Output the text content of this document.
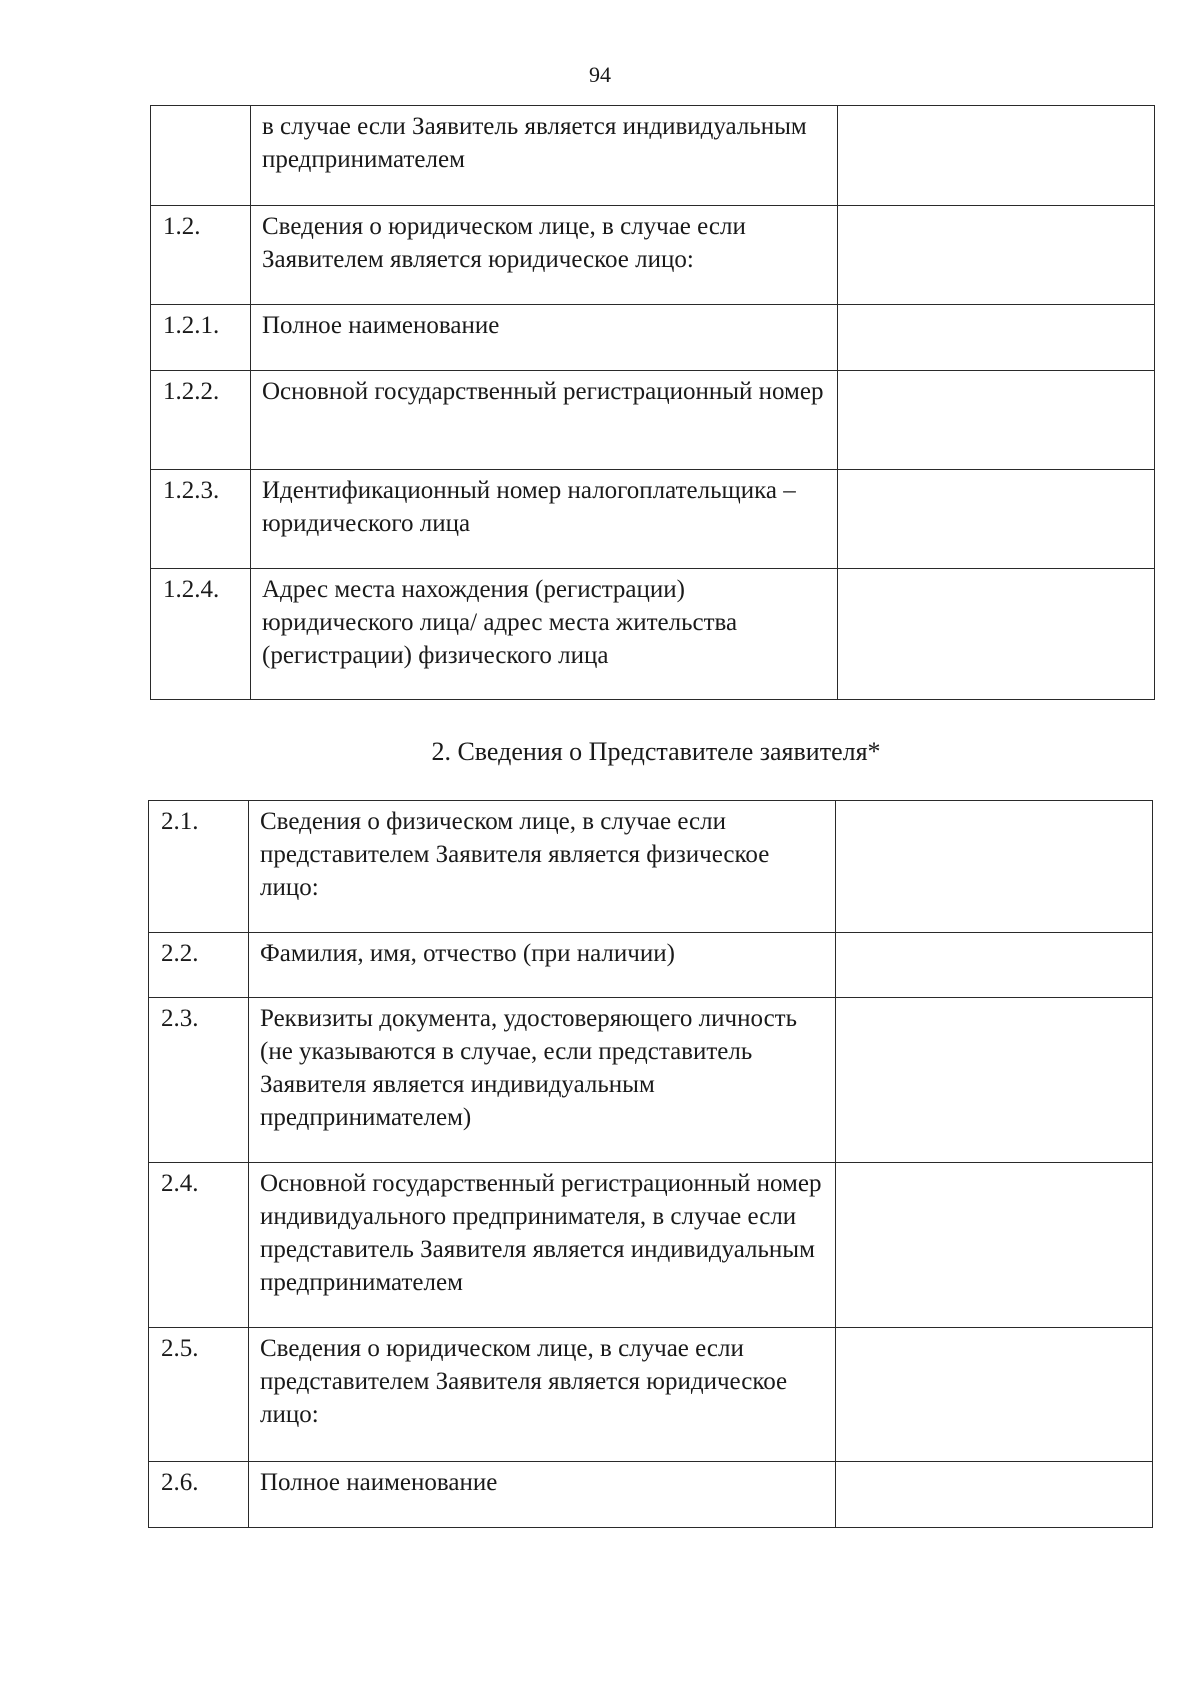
94
	в случае если Заявитель является индивидуальным предпринимателем	
1.2.	Сведения о юридическом лице, в случае если Заявителем является юридическое лицо:	
1.2.1.	Полное наименование	
1.2.2.	Основной государственный регистрационный номер	
1.2.3.	Идентификационный номер налогоплательщика – юридического лица	
1.2.4.	Адрес места нахождения (регистрации) юридического лица/ адрес места жительства (регистрации) физического лица	
2. Сведения о Представителе заявителя*
2.1.	Сведения о физическом лице, в случае если представителем Заявителя является физическое лицо:	
2.2.	Фамилия, имя, отчество (при наличии)	
2.3.	Реквизиты документа, удостоверяющего личность (не указываются в случае, если представитель Заявителя является индивидуальным предпринимателем)	
2.4.	Основной государственный регистрационный номер индивидуального предпринимателя, в случае если представитель Заявителя является индивидуальным предпринимателем	
2.5.	Сведения о юридическом лице, в случае если представителем Заявителя является юридическое лицо:	
2.6.	Полное наименование	
